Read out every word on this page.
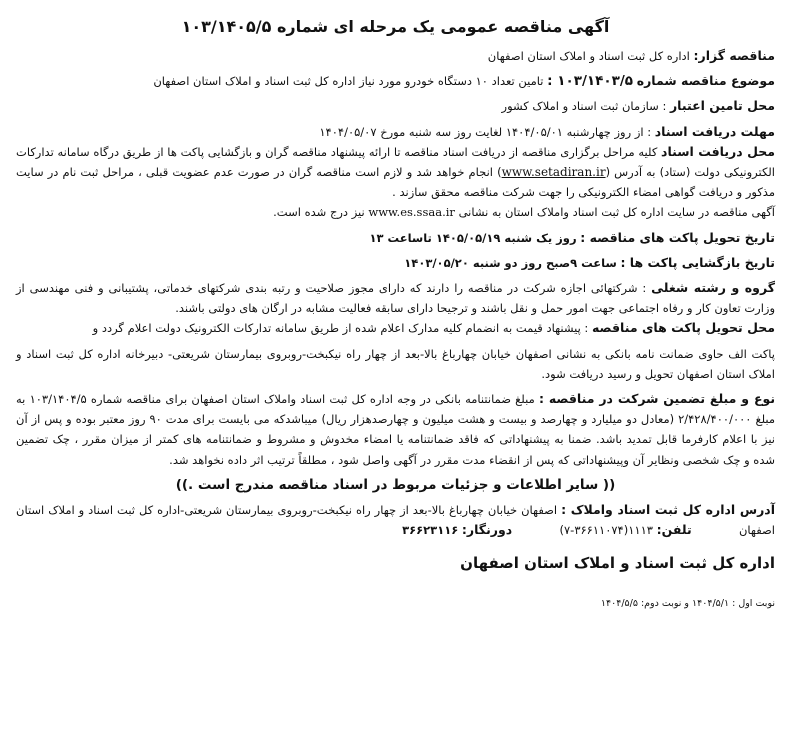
آگهی مناقصه عمومی یک مرحله ای شماره ۱۰۳/۱۴۰۵/۵

مناقصه گزار: اداره کل ثبت اسناد و املاک استان اصفهان

موضوع مناقصه شماره ۱۰۳/۱۴۰۳/۵ : تامین تعداد ۱۰ دستگاه خودرو مورد نیاز اداره کل ثبت اسناد و املاک استان اصفهان

محل تامین اعتبار : سازمان ثبت اسناد و املاک کشور

مهلت دریافت اسناد : از روز چهارشنبه ۱۴۰۴/۰۵/۰۱ لغایت روز سه شنبه مورخ ۱۴۰۴/۰۵/۰۷

محل دریافت اسناد کلیه مراحل برگزاری مناقصه از دریافت اسناد مناقصه تا ارائه پیشنهاد مناقصه گران و بازگشایی پاکت ها از طریق درگاه سامانه تدارکات الکترونیکی دولت (ستاد) به آدرس (www.setadiran.ir) انجام خواهد شد و لازم است مناقصه گران در صورت عدم عضویت قبلی ، مراحل ثبت نام در سایت مذکور و دریافت گواهی امضاء الکترونیکی را جهت شرکت مناقصه محقق سازند .

آگهی مناقصه در سایت اداره کل ثبت اسناد واملاک استان به نشانی www.es.ssaa.ir نیز درج شده است.

تاریخ تحویل پاکت های مناقصه : روز یک شنبه ۱۴۰۵/۰۵/۱۹ تاساعت ۱۳

تاریخ بازگشایی پاکت ها : ساعت ۹صبح روز دو شنبه ۱۴۰۳/۰۵/۲۰

گروه و رشته شغلی : شرکتهائی اجازه شرکت در مناقصه را دارند که دارای مجوز صلاحیت و رتبه بندی شرکتهای خدماتی، پشتیبانی و فنی مهندسی از وزارت تعاون کار و رفاه اجتماعی جهت امور حمل و نقل باشند و ترجیحا دارای سابقه فعالیت مشابه در ارگان های دولتی باشند.

محل تحویل پاکت های مناقصه : پیشنهاد قیمت به انضمام کلیه مدارک اعلام شده از طریق سامانه تدارکات الکترونیک دولت اعلام گردد و

پاکت الف حاوی ضمانت نامه بانکی به نشانی اصفهان خیابان چهارباغ بالا-بعد از چهار راه نیکبخت-روبروی بیمارستان شریعتی- دبیرخانه اداره کل ثبت اسناد و املاک استان اصفهان تحویل و رسید دریافت شود.

نوع و مبلغ تضمین شرکت در مناقصه : مبلغ ضمانتنامه بانکی در وجه اداره کل ثبت اسناد واملاک استان اصفهان برای مناقصه شماره ۱۰۳/۱۴۰۴/۵ به مبلغ ۲/۴۲۸/۴۰۰/۰۰۰ (معادل دو میلیارد و چهارصد و بیست و هشت میلیون و چهارصدهزار ریال) میباشدکه می بایست برای مدت ۹۰ روز معتبر بوده و پس از آن نیز با اعلام کارفرما قابل تمدید باشد. ضمنا به پیشنهاداتی که فاقد ضمانتنامه یا امضاء مخدوش و مشروط و ضمانتنامه های کمتر از میزان مقرر ، چک تضمین شده و چک شخصی ونظایر آن وپیشنهاداتی که پس از انقضاء مدت مقرر در آگهی واصل شود ، مطلقاً ترتیب اثر داده نخواهد شد.

(( سایر اطلاعات و جزئیات مربوط در اسناد مناقصه مندرج است .))

آدرس اداره کل ثبت اسناد واملاک : اصفهان خیابان چهارباغ بالا-بعد از چهار راه نیکبخت-روبروی بیمارستان شریعتی-اداره کل ثبت اسناد و املاک استان اصفهان  تلفن: ۱۱۱۳(۳۶۶۱۱۰۷۴-۷)  دورنگار: ۳۶۶۲۳۱۱۶

اداره کل ثبت اسناد و املاک استان اصفهان
نوبت اول : ۱۴۰۴/۵/۱ و نوبت دوم: ۱۴۰۴/۵/۵
